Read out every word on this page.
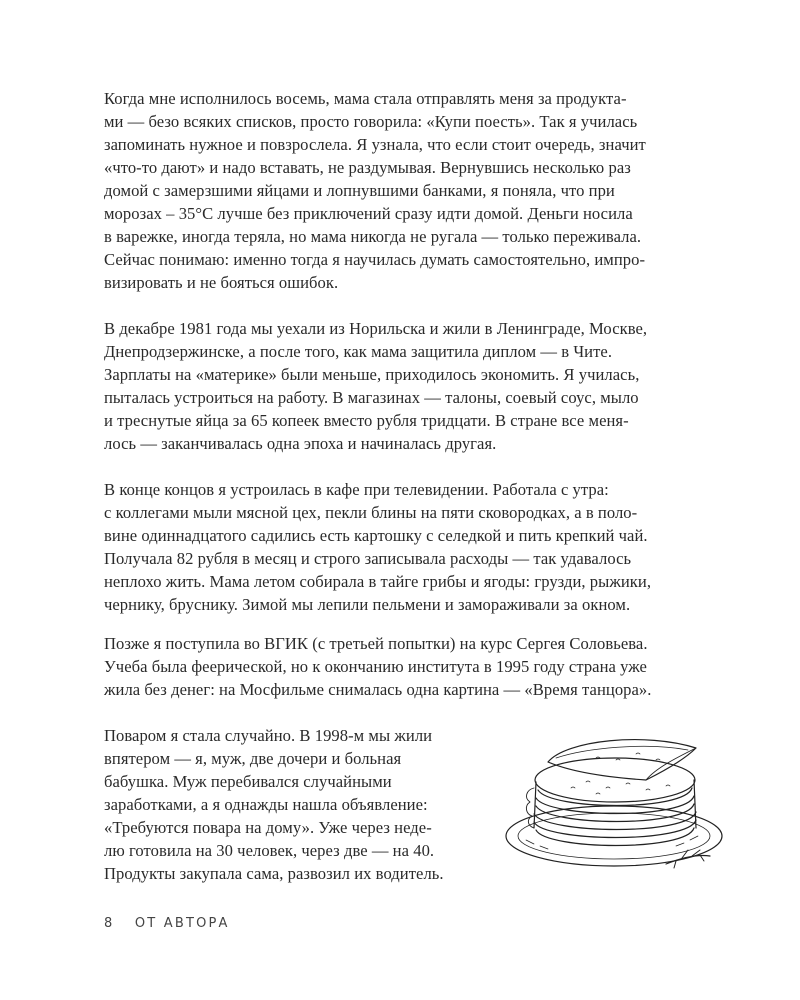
Когда мне исполнилось восемь, мама стала отправлять меня за продукта-
ми — безо всяких списков, просто говорила: «Купи поесть». Так я училась
запоминать нужное и повзрослела. Я узнала, что если стоит очередь, значит
«что-то дают» и надо вставать, не раздумывая. Вернувшись несколько раз
домой с замерзшими яйцами и лопнувшими банками, я поняла, что при
морозах – 35°С лучше без приключений сразу идти домой. Деньги носила
в варежке, иногда теряла, но мама никогда не ругала — только переживала.
Сейчас понимаю: именно тогда я научилась думать самостоятельно, импро-
визировать и не бояться ошибок.
В декабре 1981 года мы уехали из Норильска и жили в Ленинграде, Москве,
Днепродзержинске, а после того, как мама защитила диплом — в Чите.
Зарплаты на «материке» были меньше, приходилось экономить. Я училась,
пыталась устроиться на работу. В магазинах — талоны, соевый соус, мыло
и треснутые яйца за 65 копеек вместо рубля тридцати. В стране все меня-
лось — заканчивалась одна эпоха и начиналась другая.
В конце концов я устроилась в кафе при телевидении. Работала с утра:
с коллегами мыли мясной цех, пекли блины на пяти сковородках, а в поло-
вине одиннадцатого садились есть картошку с селедкой и пить крепкий чай.
Получала 82 рубля в месяц и строго записывала расходы — так удавалось
неплохо жить. Мама летом собирала в тайге грибы и ягоды: грузди, рыжики,
чернику, бруснику. Зимой мы лепили пельмени и замораживали за окном.
Позже я поступила во ВГИК (с третьей попытки) на курс Сергея Соловьева.
Учеба была феерической, но к окончанию института в 1995 году страна уже
жила без денег: на Мосфильме снималась одна картина — «Время танцора».
Поваром я стала случайно. В 1998-м мы жили
впятером — я, муж, две дочери и больная
бабушка. Муж перебивался случайными
заработками, а я однажды нашла объявление:
«Требуются повара на дому». Уже через неде-
лю готовила на 30 человек, через две — на 40.
Продукты закупала сама, развозил их водитель.
8 ОТ АВТОРА
